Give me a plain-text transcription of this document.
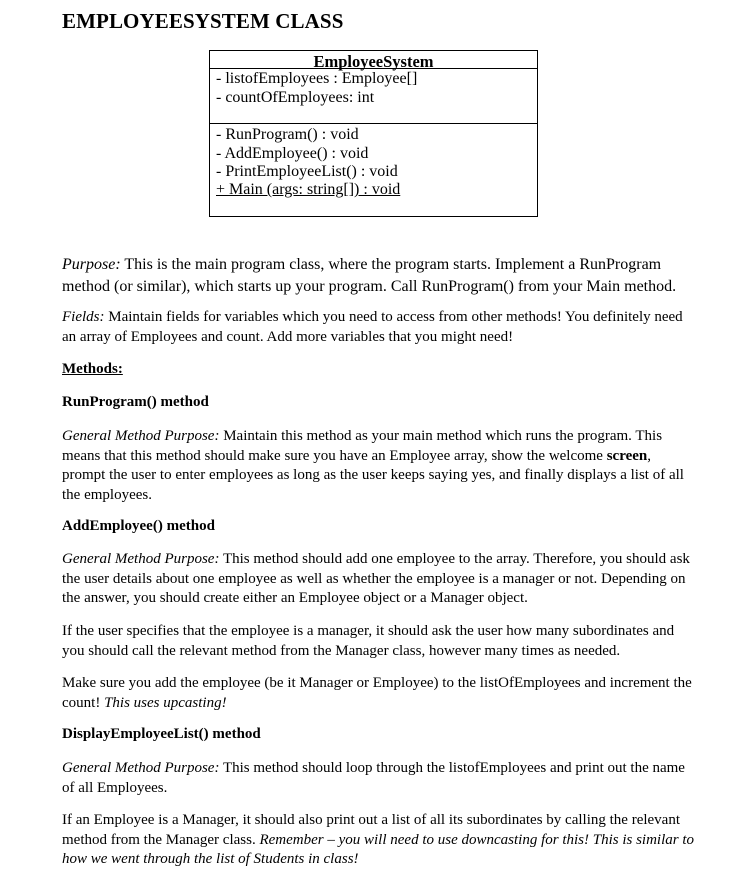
EMPLOYEESYSTEM CLASS
EmployeeSystem
- listofEmployees : Employee[]
- countOfEmployees: int
- RunProgram() : void
- AddEmployee() : void
- PrintEmployeeList() : void
+ Main (args: string[]) : void
Purpose: This is the main program class, where the program starts. Implement a RunProgram method (or similar), which starts up your program. Call RunProgram() from your Main method.
Fields: Maintain fields for variables which you need to access from other methods! You definitely need an array of Employees and count. Add more variables that you might need!
Methods:
RunProgram() method
General Method Purpose: Maintain this method as your main method which runs the program. This means that this method should make sure you have an Employee array, show the welcome screen, prompt the user to enter employees as long as the user keeps saying yes, and finally displays a list of all the employees.
AddEmployee() method
General Method Purpose: This method should add one employee to the array. Therefore, you should ask the user details about one employee as well as whether the employee is a manager or not. Depending on the answer, you should create either an Employee object or a Manager object.
If the user specifies that the employee is a manager, it should ask the user how many subordinates and you should call the relevant method from the Manager class, however many times as needed.
Make sure you add the employee (be it Manager or Employee) to the listOfEmployees and increment the count! This uses upcasting!
DisplayEmployeeList() method
General Method Purpose: This method should loop through the listofEmployees and print out the name of all Employees.
If an Employee is a Manager, it should also print out a list of all its subordinates by calling the relevant method from the Manager class. Remember – you will need to use downcasting for this! This is similar to how we went through the list of Students in class!
